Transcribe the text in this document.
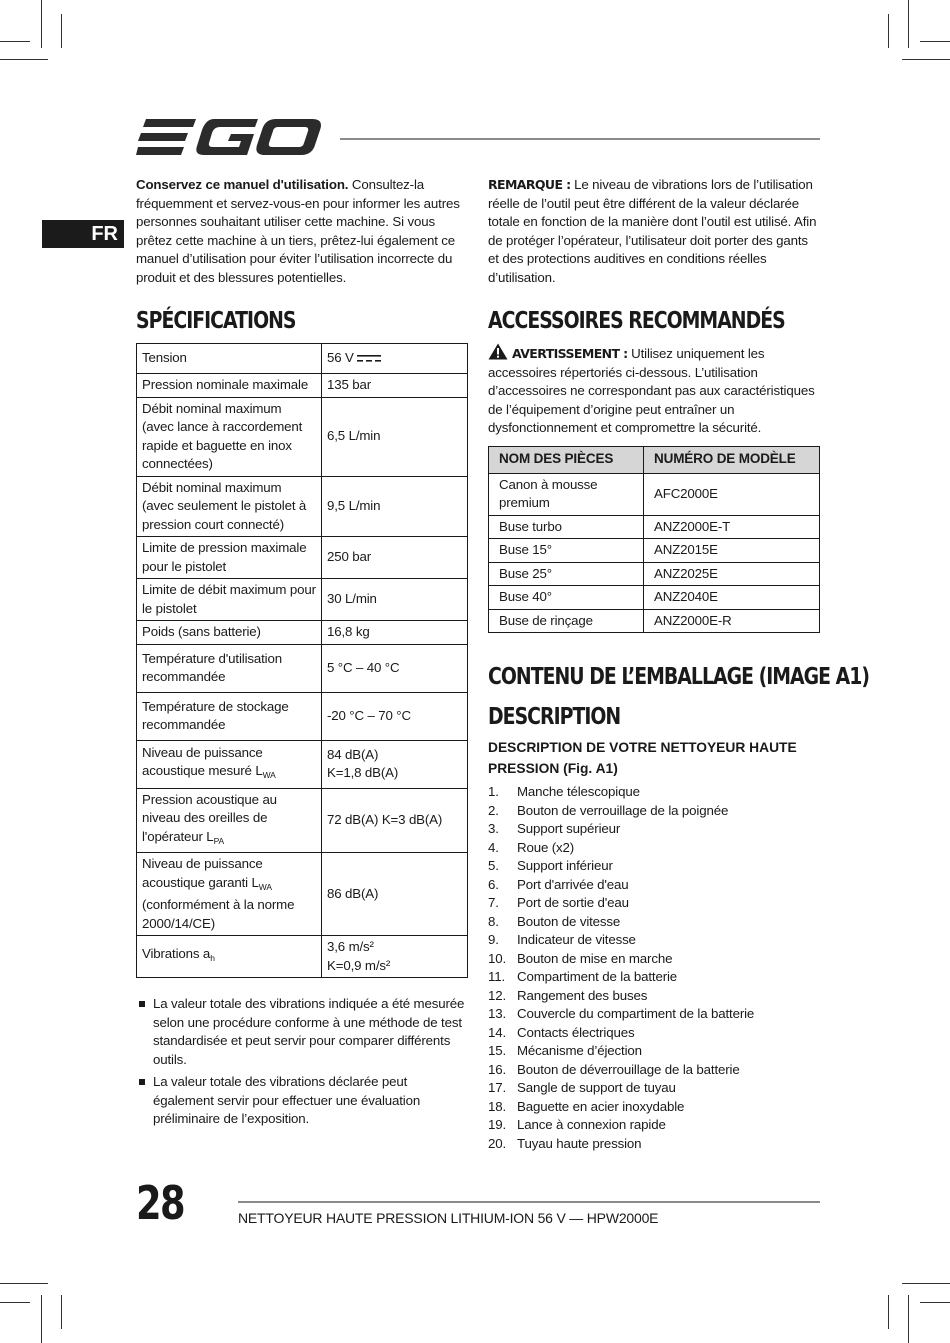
FR

Conservez ce manuel d'utilisation. Consultez-la fréquemment et servez-vous-en pour informer les autres personnes souhaitant utiliser cette machine. Si vous prêtez cette machine à un tiers, prêtez-lui également ce manuel d’utilisation pour éviter l’utilisation incorrecte du produit et des blessures potentielles.

SPÉCIFICATIONS
Tension	56 V
Pression nominale maximale	135 bar
Débit nominal maximum (avec lance à raccordement rapide et baguette en inox connectées)	6,5 L/min
Débit nominal maximum (avec seulement le pistolet à pression court connecté)	9,5 L/min
Limite de pression maximale pour le pistolet	250 bar
Limite de débit maximum pour le pistolet	30 L/min
Poids (sans batterie)	16,8 kg
Température d'utilisation recommandée	5 °C – 40 °C
Température de stockage recommandée	-20 °C – 70 °C
Niveau de puissance acoustique mesuré $L_{WA}$	84 dB(A)
K=1,8 dB(A)

Pression acoustique au niveau des oreilles de l'opérateur $L_{PA}$	72 dB(A) K=3 dB(A)
Niveau de puissance acoustique garanti $L_{WA}$ (conformément à la norme 2000/14/CE)	86 dB(A)
Vibrations $a_h$	3,6 m/s²
K=0,9 m/s²
La valeur totale des vibrations indiquée a été mesurée selon une procédure conforme à une méthode de test standardisée et peut servir pour comparer différents outils.
La valeur totale des vibrations déclarée peut également servir pour effectuer une évaluation préliminaire de l’exposition.

REMARQUE : Le niveau de vibrations lors de l’utilisation réelle de l’outil peut être différent de la valeur déclarée totale en fonction de la manière dont l’outil est utilisé. Afin de protéger l’opérateur, l’utilisateur doit porter des gants et des protections auditives en conditions réelles d’utilisation.

ACCESSOIRES RECOMMANDÉS

AVERTISSEMENT : Utilisez uniquement les accessoires répertoriés ci-dessous. L’utilisation d’accessoires ne correspondant pas aux caractéristiques de l’équipement d’origine peut entraîner un dysfonctionnement et compromettre la sécurité.

NOM DES PIÈCES	NUMÉRO DE MODÈLE
Canon à mousse premium	AFC2000E
Buse turbo	ANZ2000E-T
Buse 15°	ANZ2015E
Buse 25°	ANZ2025E
Buse 40°	ANZ2040E
Buse de rinçage	ANZ2000E-R
CONTENU DE L’EMBALLAGE (IMAGE A1)
DESCRIPTION
DESCRIPTION DE VOTRE NETTOYEUR HAUTE PRESSION (Fig. A1)
1.	Manche télescopique
2.	Bouton de verrouillage de la poignée
3.	Support supérieur
4.	Roue (x2)
5.	Support inférieur
6.	Port d'arrivée d'eau
7.	Port de sortie d'eau
8.	Bouton de vitesse
9.	Indicateur de vitesse
10. Bouton de mise en marche
11. Compartiment de la batterie
12. Rangement des buses
13. Couvercle du compartiment de la batterie
14. Contacts électriques
15. Mécanisme d’éjection
16. Bouton de déverrouillage de la batterie
17. Sangle de support de tuyau
18. Baguette en acier inoxydable
19. Lance à connexion rapide
20. Tuyau haute pression
28	NETTOYEUR HAUTE PRESSION LITHIUM-ION 56 V — HPW2000E
